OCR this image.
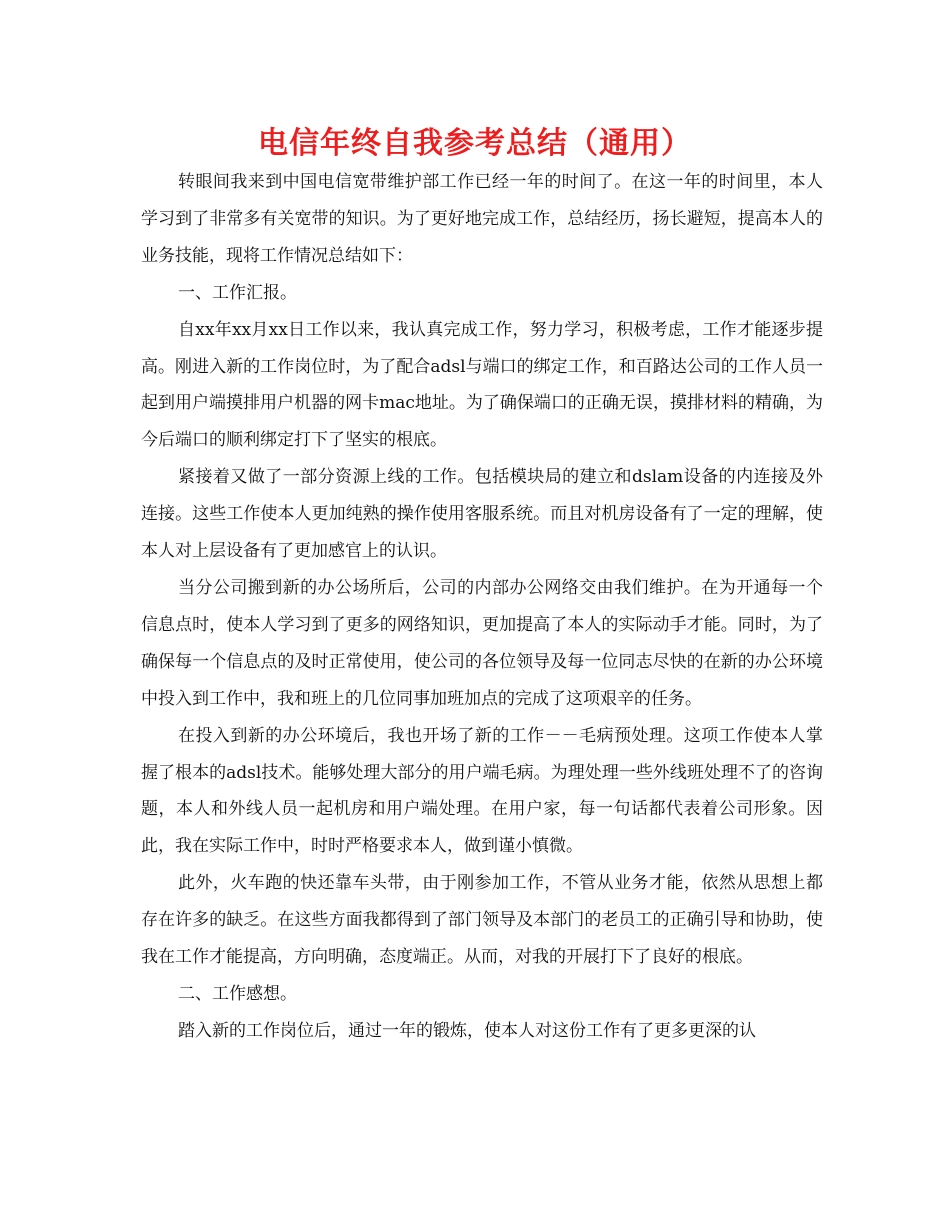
电信年终自我参考总结（通用）

转眼间我来到中国电信宽带维护部工作已经一年的时间了。在这一年的时间里，本人学习到了非常多有关宽带的知识。为了更好地完成工作，总结经历，扬长避短，提高本人的业务技能，现将工作情况总结如下：

一、工作汇报。

自xx年xx月xx日工作以来，我认真完成工作，努力学习，积极考虑，工作才能逐步提高。刚进入新的工作岗位时，为了配合adsl与端口的绑定工作，和百路达公司的工作人员一起到用户端摸排用户机器的网卡mac地址。为了确保端口的正确无误，摸排材料的精确，为今后端口的顺利绑定打下了坚实的根底。

紧接着又做了一部分资源上线的工作。包括模块局的建立和dslam设备的内连接及外连接。这些工作使本人更加纯熟的操作使用客服系统。而且对机房设备有了一定的理解，使本人对上层设备有了更加感官上的认识。

当分公司搬到新的办公场所后，公司的内部办公网络交由我们维护。在为开通每一个信息点时，使本人学习到了更多的网络知识，更加提高了本人的实际动手才能。同时，为了确保每一个信息点的及时正常使用，使公司的各位领导及每一位同志尽快的在新的办公环境中投入到工作中，我和班上的几位同事加班加点的完成了这项艰辛的任务。

在投入到新的办公环境后，我也开场了新的工作－－毛病预处理。这项工作使本人掌握了根本的adsl技术。能够处理大部分的用户端毛病。为理处理一些外线班处理不了的咨询题，本人和外线人员一起机房和用户端处理。在用户家，每一句话都代表着公司形象。因此，我在实际工作中，时时严格要求本人，做到谨小慎微。

此外，火车跑的快还靠车头带，由于刚参加工作，不管从业务才能，依然从思想上都存在许多的缺乏。在这些方面我都得到了部门领导及本部门的老员工的正确引导和协助，使我在工作才能提高，方向明确，态度端正。从而，对我的开展打下了良好的根底。

二、工作感想。

踏入新的工作岗位后，通过一年的锻炼，使本人对这份工作有了更多更深的认
